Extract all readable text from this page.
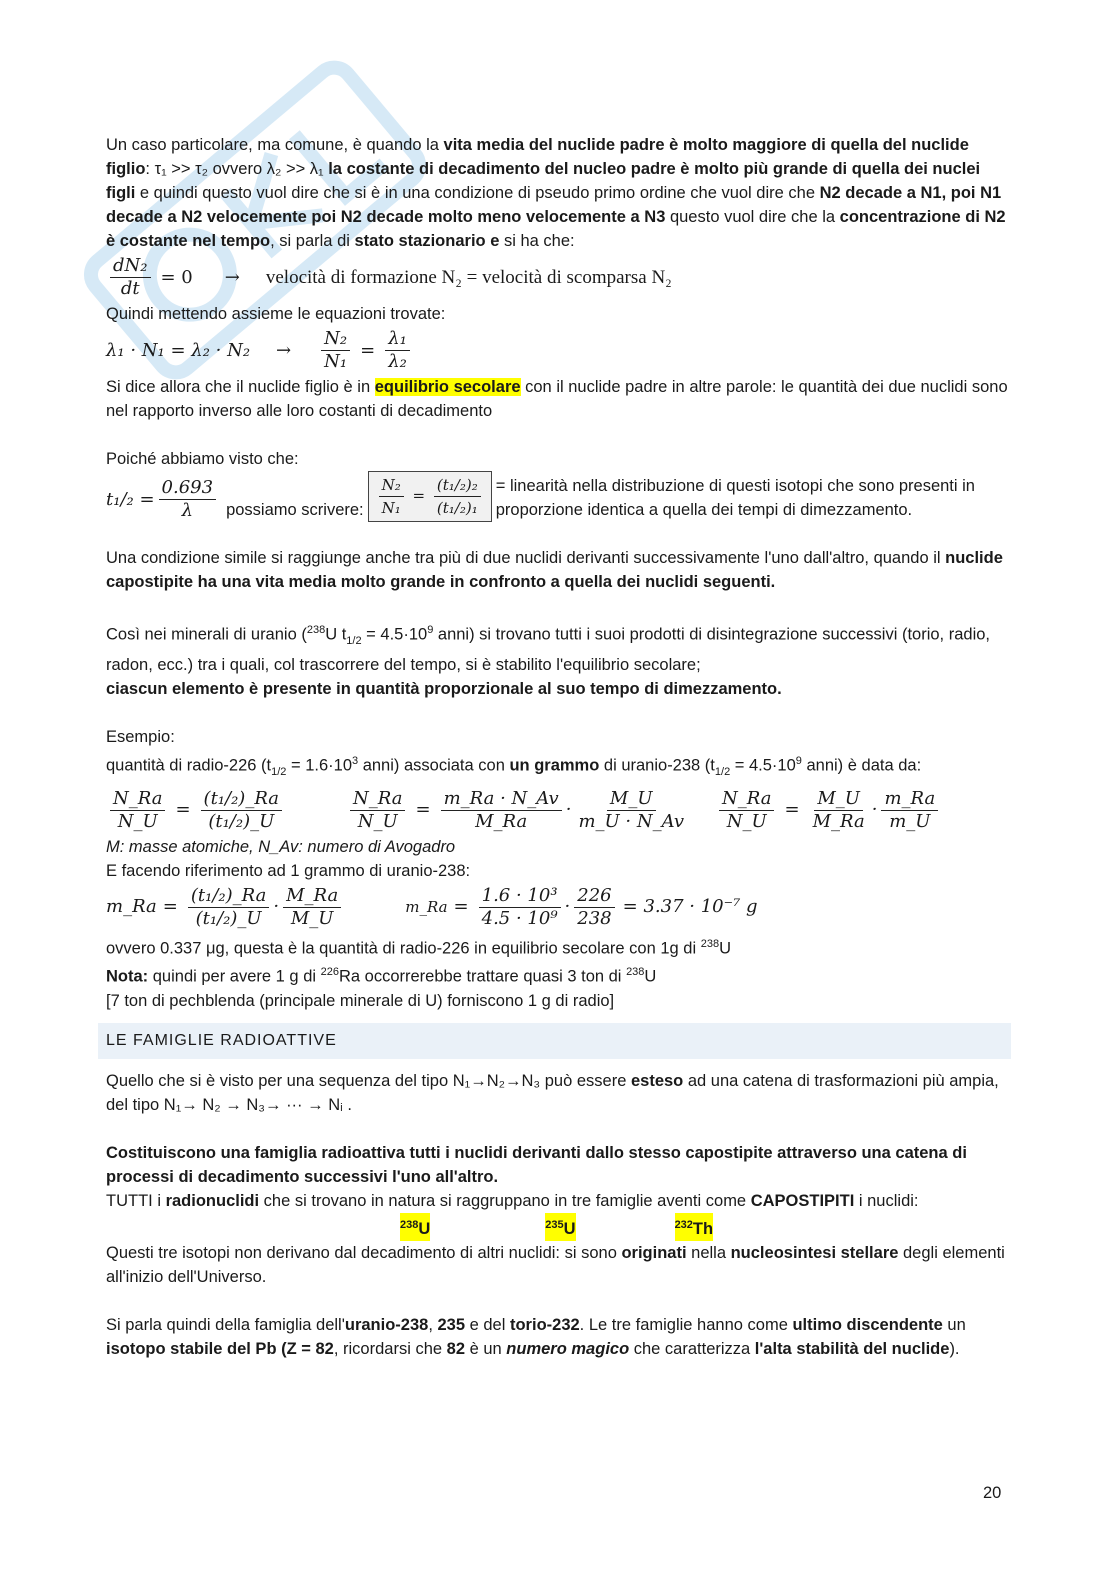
Un caso particolare, ma comune, è quando la vita media del nuclide padre è molto maggiore di quella del nuclide figlio: τ₁ >> τ₂ ovvero λ₂ >> λ₁ la costante di decadimento del nucleo padre è molto più grande di quella dei nuclei figli e quindi questo vuol dire che si è in una condizione di pseudo primo ordine che vuol dire che N2 decade a N1, poi N1 decade a N2 velocemente poi N2 decade molto meno velocemente a N3 questo vuol dire che la concentrazione di N2 è costante nel tempo, si parla di stato stazionario e si ha che:

$\frac{\text{dN₂}}{dt} = 0$ → velocità di formazione N₂ = velocità di scomparsa N₂

Quindi mettendo assieme le equazioni trovate:

$\lambda_1 \cdot N_1 = \lambda_2 \cdot N_2 \to \frac{\text{N₂}}{\text{N₁}} = \frac{\text{λ₁}}{\text{λ₂}}$

Si dice allora che il nuclide figlio è in equilibrio secolare con il nuclide padre in altre parole: le quantità dei due nuclidi sono nel rapporto inverso alle loro costanti di decadimento

Poiché abbiamo visto che:

$t_1/_2 = \frac{0.693}{\lambda}$ possiamo scrivere: $\frac{\text{N₂}}{\text{N₁}} = \frac{\text{(t₁/₂)₂}}{\text{(t₁/₂)₁}}$ = linearità nella distribuzione di questi isotopi che sono presenti in proporzione identica a quella dei tempi di dimezzamento.

Una condizione simile si raggiunge anche tra più di due nuclidi derivanti successivamente l'uno dall'altro, quando il nuclide capostipite ha una vita media molto grande in confronto a quella dei nuclidi seguenti.

Così nei minerali di uranio ($^{238}$U $t_{1/2} = 4.5\cdot 10^9$ anni) si trovano tutti i suoi prodotti di disintegrazione successivi (torio, radio, radon, ecc.) tra i quali, col trascorrere del tempo, si è stabilito l'equilibrio secolare;
ciascun elemento è presente in quantità proporzionale al suo tempo di dimezzamento.

Esempio:

quantità di radio-226 ($t_{1/2} = 1.6\cdot 10^3$ anni) associata con un grammo di uranio-238 ($t_{1/2} = 4.5\cdot 10^9$ anni) è data da:

$\frac{N\_Ra}{N\_U} = \frac{\text{(t₁/₂)\_Ra}}{\text{(t₁/₂)\_U}}$	$\frac{N\_Ra}{N\_U} = \frac{m\_Ra \cdot N\_Av}{M\_Ra} \cdot \frac{M\_U}{m\_U \cdot N\_Av} \frac{N\_Ra}{N\_U} = \frac{M\_U}{M\_Ra} \cdot \frac{m\_Ra}{m\_U}$

M: masse atomiche, N_Av: numero di Avogadro

E facendo riferimento ad 1 grammo di uranio-238:

m_Ra = $\frac{\text{(t₁/₂)\_Ra}}{\text{(t₁/₂)\_U}} \cdot \frac{M\_Ra}{M\_U}$	m_Ra = $\frac{\text{1.6 · 10³}}{\text{4.5 · 10⁹}} \cdot \frac{226}{238} = 3.37 \cdot 10^{-7}$ g

ovvero 0.337 μg, questa è la quantità di radio-226 in equilibrio secolare con 1g di $^{238}$U

Nota: quindi per avere 1 g di $^{226}$Ra occorrerebbe trattare quasi 3 ton di $^{238}$U

[7 ton di pechblenda (principale minerale di U) forniscono 1 g di radio]

LE FAMIGLIE RADIOATTIVE

Quello che si è visto per una sequenza del tipo N₁→N₂→N₃ può essere esteso ad una catena di trasformazioni più ampia, del tipo N₁→ N₂ → N₃→ ··· → Nᵢ .

Costituiscono una famiglia radioattiva tutti i nuclidi derivanti dallo stesso capostipite attraverso una catena di processi di decadimento successivi l'uno all'altro.

TUTTI i radionuclidi che si trovano in natura si raggruppano in tre famiglie aventi come CAPOSTIPITI i nuclidi:

$^{238}$U	$^{235}$U	$^{232}$Th

Questi tre isotopi non derivano dal decadimento di altri nuclidi: si sono originati nella nucleosintesi stellare degli elementi all'inizio dell'Universo.

Si parla quindi della famiglia dell'uranio-238, 235 e del torio-232. Le tre famiglie hanno come ultimo discendente un isotopo stabile del Pb (Z = 82, ricordarsi che 82 è un numero magico che caratterizza l'alta stabilità del nuclide).

20
